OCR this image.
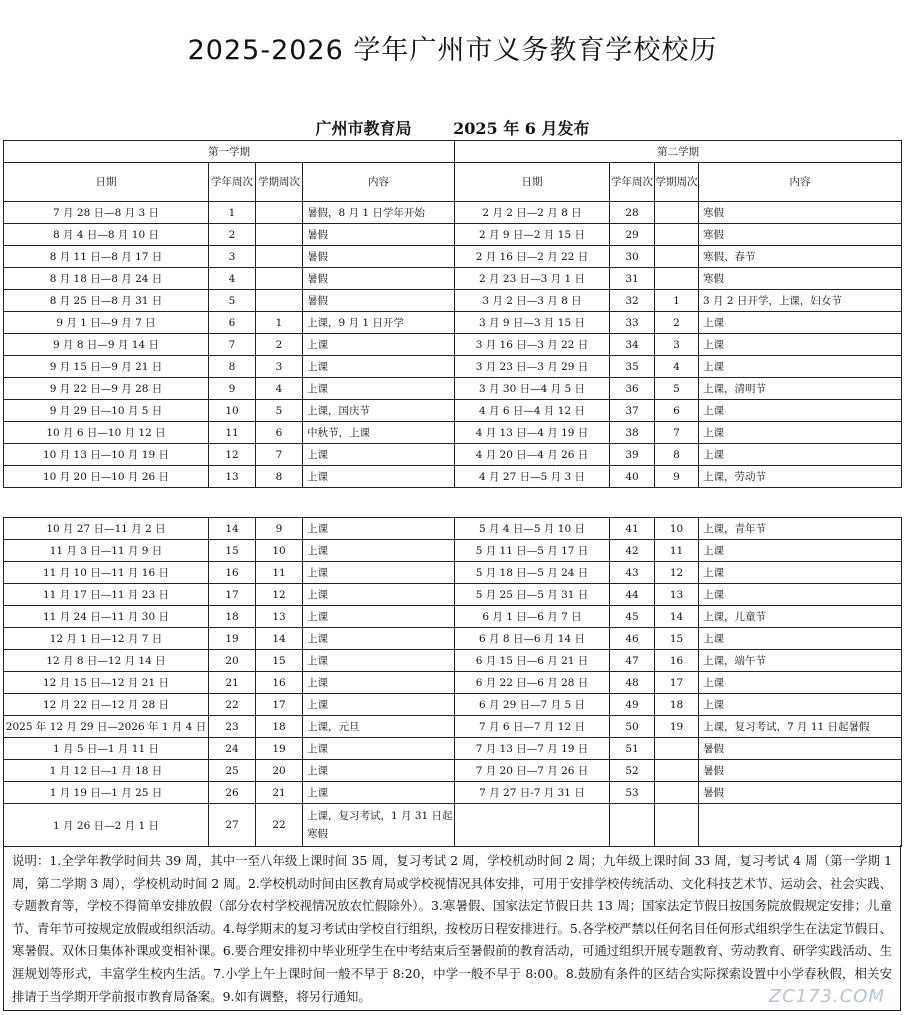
2025-2026 学年广州市义务教育学校校历
广州市教育局	2025 年 6 月发布
第一学期				第二学期			
日期	学年周次	学期周次	内容	日期	学年周次	学期周次	内容
7 月 28 日—8 月 3 日	1		暑假，8 月 1 日学年开始	2 月 2 日—2 月 8 日	28		寒假
8 月 4 日—8 月 10 日	2		暑假	2 月 9 日—2 月 15 日	29		寒假
8 月 11 日—8 月 17 日	3		暑假	2 月 16 日—2 月 22 日	30		寒假、春节
8 月 18 日—8 月 24 日	4		暑假	2 月 23 日—3 月 1 日	31		寒假
8 月 25 日—8 月 31 日	5		暑假	3 月 2 日—3 月 8 日	32	1	3 月 2 日开学，上课，妇女节
9 月 1 日—9 月 7 日	6	1	上课，9 月 1 日开学	3 月 9 日—3 月 15 日	33	2	上课
9 月 8 日—9 月 14 日	7	2	上课	3 月 16 日—3 月 22 日	34	3	上课
9 月 15 日—9 月 21 日	8	3	上课	3 月 23 日—3 月 29 日	35	4	上课
9 月 22 日—9 月 28 日	9	4	上课	3 月 30 日—4 月 5 日	36	5	上课，清明节
9 月 29 日—10 月 5 日	10	5	上课，国庆节	4 月 6 日—4 月 12 日	37	6	上课
10 月 6 日—10 月 12 日	11	6	中秋节，上课	4 月 13 日—4 月 19 日	38	7	上课
10 月 13 日—10 月 19 日	12	7	上课	4 月 20 日—4 月 26 日	39	8	上课
10 月 20 日—10 月 26 日	13	8	上课	4 月 27 日—5 月 3 日	40	9	上课，劳动节
10 月 27 日—11 月 2 日	14	9	上课	5 月 4 日—5 月 10 日	41	10	上课，青年节
11 月 3 日—11 月 9 日	15	10	上课	5 月 11 日—5 月 17 日	42	11	上课
11 月 10 日—11 月 16 日	16	11	上课	5 月 18 日—5 月 24 日	43	12	上课
11 月 17 日—11 月 23 日	17	12	上课	5 月 25 日—5 月 31 日	44	13	上课
11 月 24 日—11 月 30 日	18	13	上课	6 月 1 日—6 月 7 日	45	14	上课，儿童节
12 月 1 日—12 月 7 日	19	14	上课	6 月 8 日—6 月 14 日	46	15	上课
12 月 8 日—12 月 14 日	20	15	上课	6 月 15 日—6 月 21 日	47	16	上课，端午节
12 月 15 日—12 月 21 日	21	16	上课	6 月 22 日—6 月 28 日	48	17	上课
12 月 22 日—12 月 28 日	22	17	上课	6 月 29 日—7 月 5 日	49	18	上课
2025 年 12 月 29 日—2026 年 1 月 4 日	23	18	上课，元旦	7 月 6 日—7 月 12 日	50	19	上课，复习考试，7 月 11 日起暑假
1 月 5 日—1 月 11 日	24	19	上课	7 月 13 日—7 月 19 日	51		暑假
1 月 12 日—1 月 18 日	25	20	上课	7 月 20 日—7 月 26 日	52		暑假
1 月 19 日—1 月 25 日	26	21	上课	7 月 27 日-7 月 31 日	53		暑假
1 月 26 日—2 月 1 日	27	22	上课，复习考试，1 月 31 日起寒假				
说明：1.全学年教学时间共 39 周，其中一至八年级上课时间 35 周，复习考试 2 周，学校机动时间 2 周；九年级上课时间 33 周，复习考试 4 周（第一学期 1 周，第二学期 3 周），学校机动时间 2 周。2.学校机动时间由区教育局或学校视情况具体安排，可用于安排学校传统活动、文化科技艺术节、运动会、社会实践、专题教育等，学校不得简单安排放假（部分农村学校视情况放农忙假除外）。3.寒暑假、国家法定节假日共 13 周；国家法定节假日按国务院放假规定安排；儿童节、青年节可按规定放假或组织活动。4.每学期末的复习考试由学校自行组织，按校历日程安排进行。5.各学校严禁以任何名目任何形式组织学生在法定节假日、寒暑假、双休日集体补课或变相补课。6.要合理安排初中毕业班学生在中考结束后至暑假前的教育活动，可通过组织开展专题教育、劳动教育、研学实践活动、生涯规划等形式，丰富学生校内生活。7.小学上午上课时间一般不早于 8:20，中学一般不早于 8:00。8.鼓励有条件的区结合实际探索设置中小学春秋假，相关安排请于当学期开学前报市教育局备案。9.如有调整，将另行通知。	ZC173.COM
